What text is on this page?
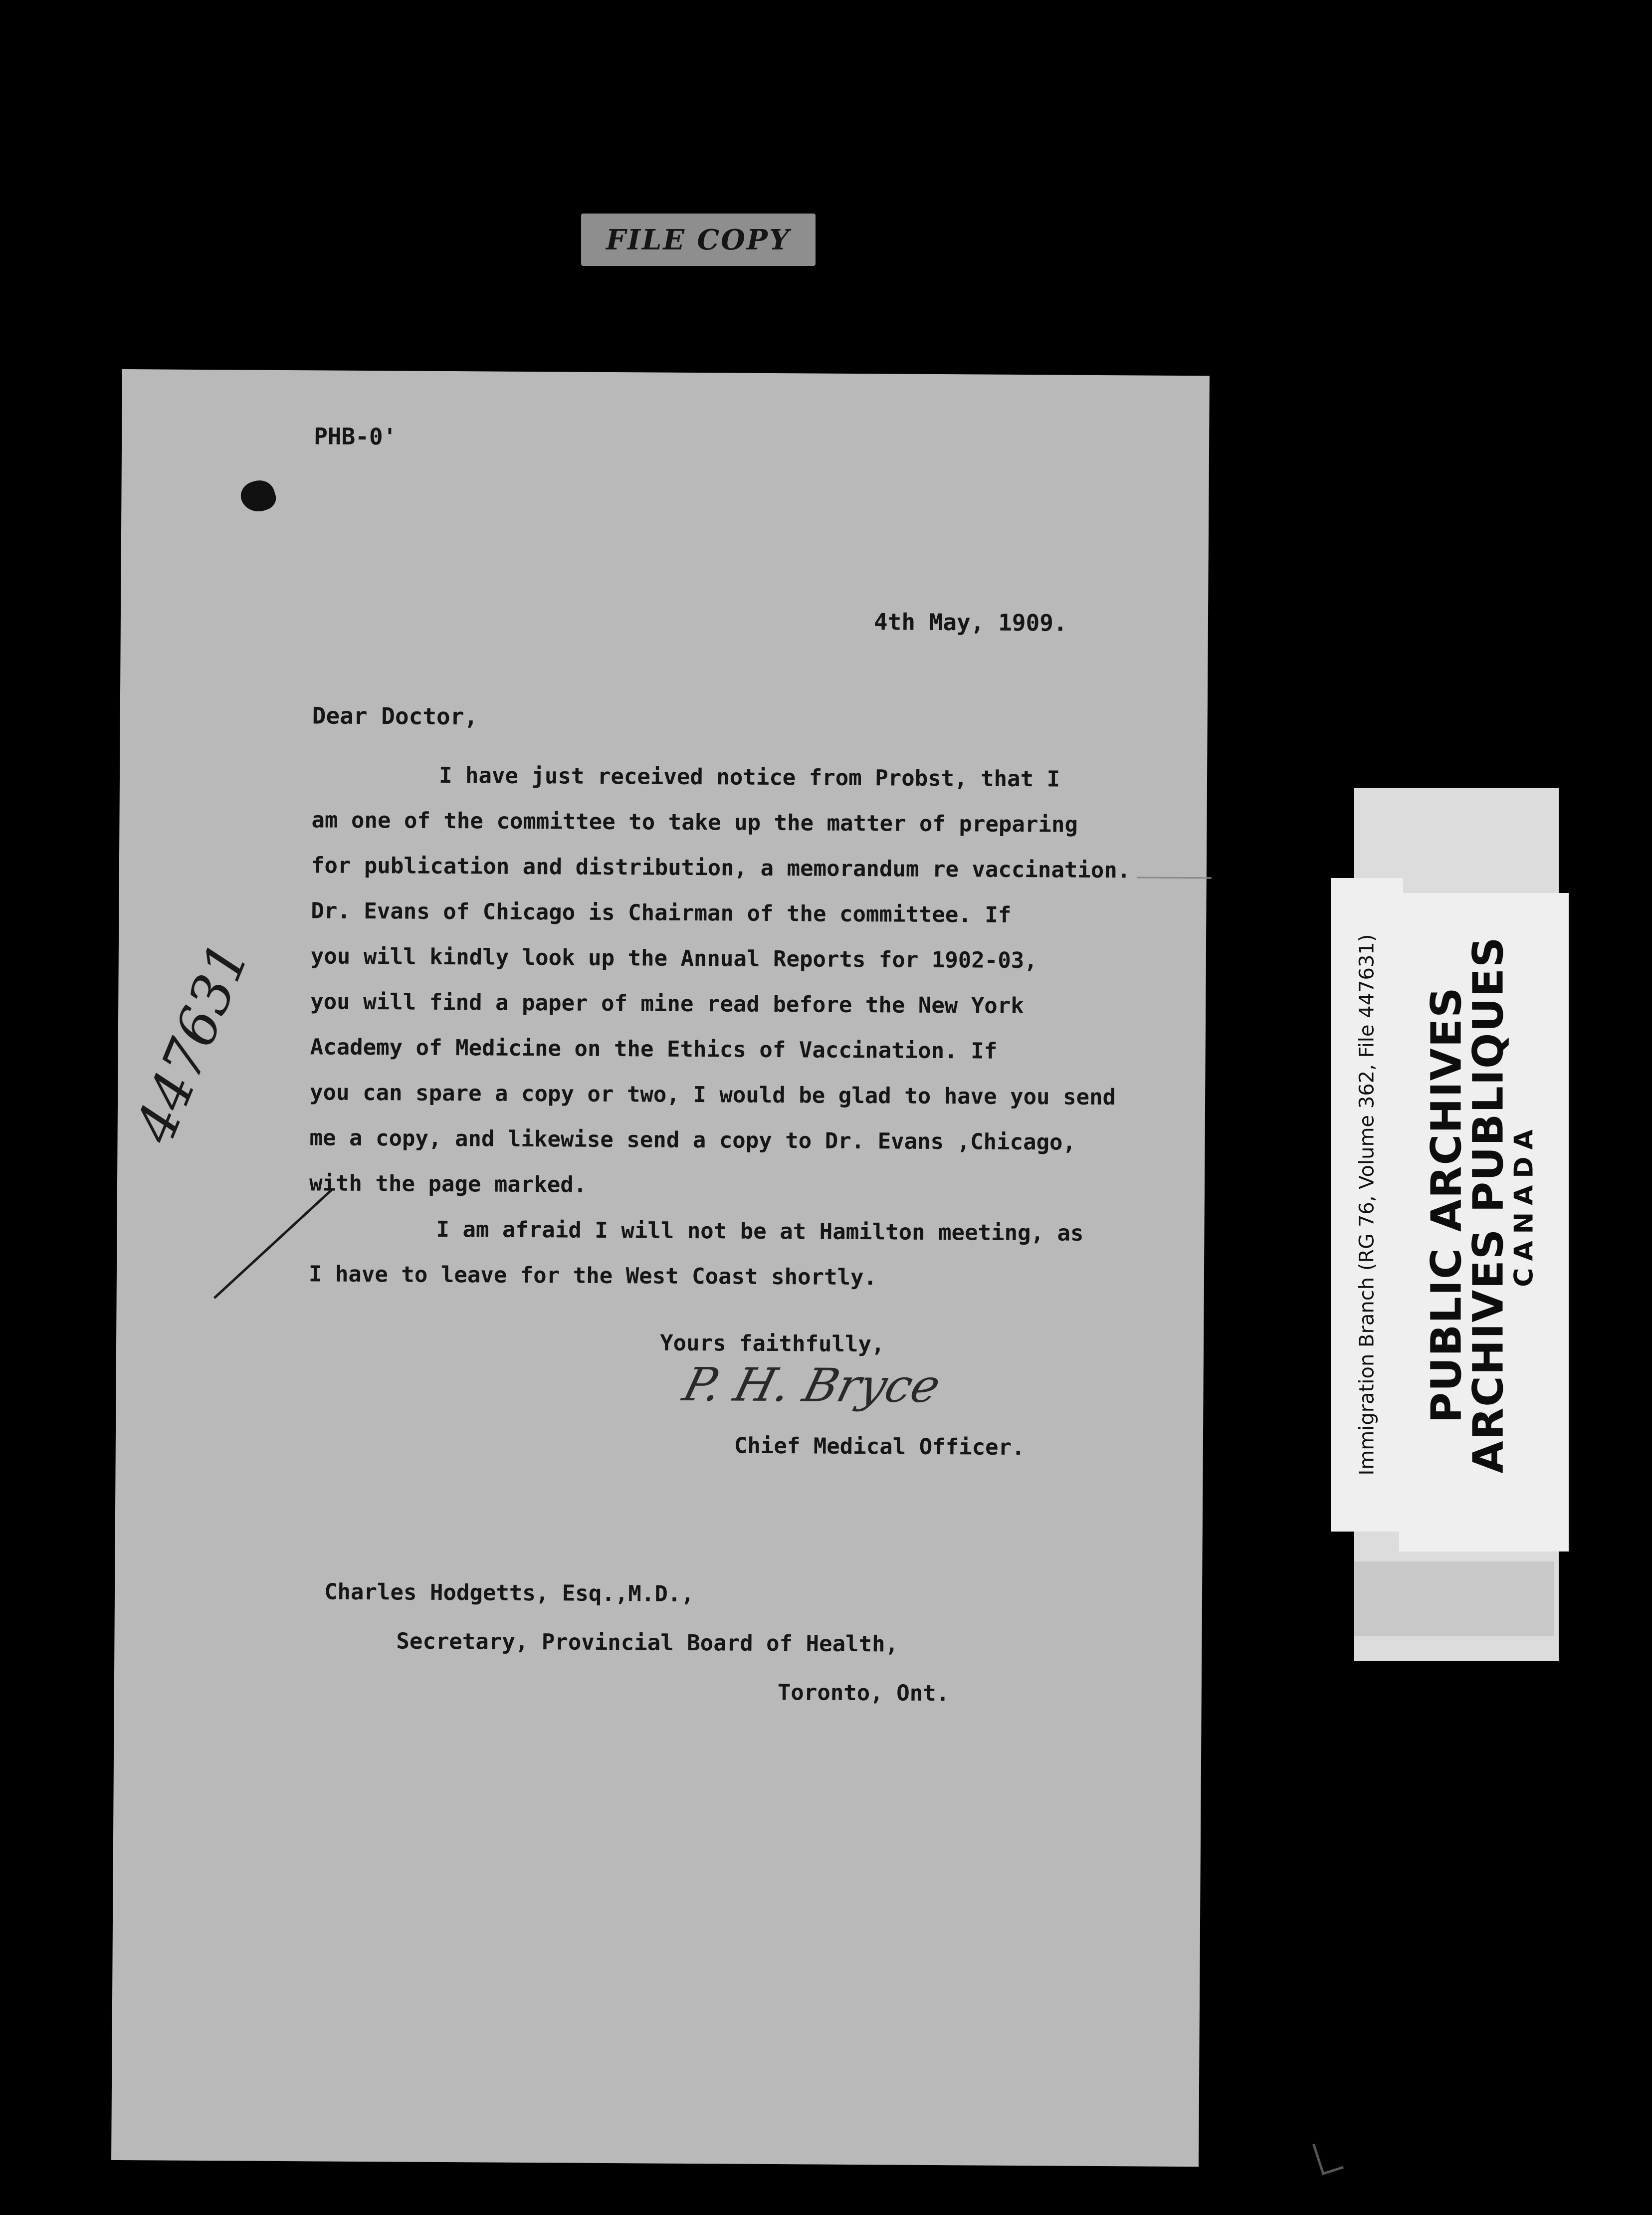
FILE COPY
PHB-0'
4th May, 1909.
Dear Doctor,
I have just received notice from Probst, that I
am one of the committee to take up the matter of preparing
for publication and distribution, a memorandum re vaccination.
Dr. Evans of Chicago is Chairman of the committee. If
you will kindly look up the Annual Reports for 1902-03,
you will find a paper of mine read before the New York
Academy of Medicine on the Ethics of Vaccination. If
you can spare a copy or two, I would be glad to have you send
me a copy, and likewise send a copy to Dr. Evans ,Chicago,
with the page marked.
I am afraid I will not be at Hamilton meeting, as
I have to leave for the West Coast shortly.
Yours faithfully,
P. H. Bryce
Chief Medical Officer.
Charles Hodgetts, Esq.,M.D.,
Secretary, Provincial Board of Health,
Toronto, Ont.
447631	Immigration Branch (RG 76, Volume 362, File 447631) PUBLIC ARCHIVES
ARCHIVES PUBLIQUES
CANADA
